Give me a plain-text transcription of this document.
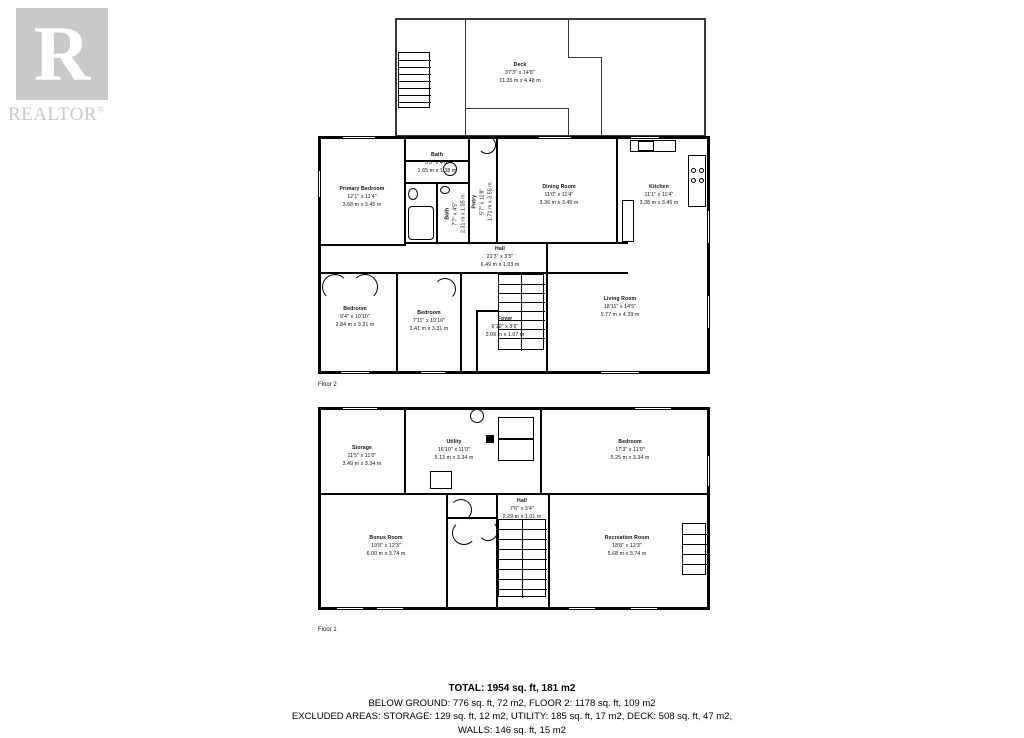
R
REALTOR®
Deck
37'3" x 14'8"
11.35 m x 4.48 m
Primary Bedroom
12'1" x 11'4"
3.68 m x 3.45 m
Bath
5'5" x 4'6"
1.65 m x 1.38 m
Bath 7'7" x 4'5" 2.31 m x 1.35 m	Pntry 5'7" x 11'8" 1.71 m x 3.55 m	Dining Room
11'0" x 11'4"
3.36 m x 3.45 m
Kitchen
11'1" x 11'4"
3.38 m x 3.45 m
Hall
21'3" x 3'5"
6.49 m x 1.03 m
Bedroom
9'4" x 10'10"
2.84 m x 3.31 m
Bedroom
7'11" x 10'10"
2.41 m x 3.31 m
Foyer
6'10" x 3'6"
2.09 m x 1.07 m
Living Room
18'11" x 14'5"
5.77 m x 4.39 m
Floor 2
Storage
11'5" x 11'0"
3.49 m x 3.34 m
Utility
16'10" x 11'0"
5.13 m x 3.34 m
Bedroom
17'3" x 11'0"
5.25 m x 3.34 m
Hall
7'6" x 3'4"
2.29 m x 1.01 m
Bonus Room
19'8" x 12'3"
6.00 m x 3.74 m
Recreation Room
18'8" x 12'3"
5.68 m x 3.74 m
Floor 1
TOTAL: 1954 sq. ft, 181 m2
BELOW GROUND: 776 sq. ft, 72 m2, FLOOR 2: 1178 sq. ft, 109 m2
EXCLUDED AREAS: STORAGE: 129 sq. ft, 12 m2, UTILITY: 185 sq. ft, 17 m2, DECK: 508 sq. ft, 47 m2,
WALLS: 146 sq. ft, 15 m2
